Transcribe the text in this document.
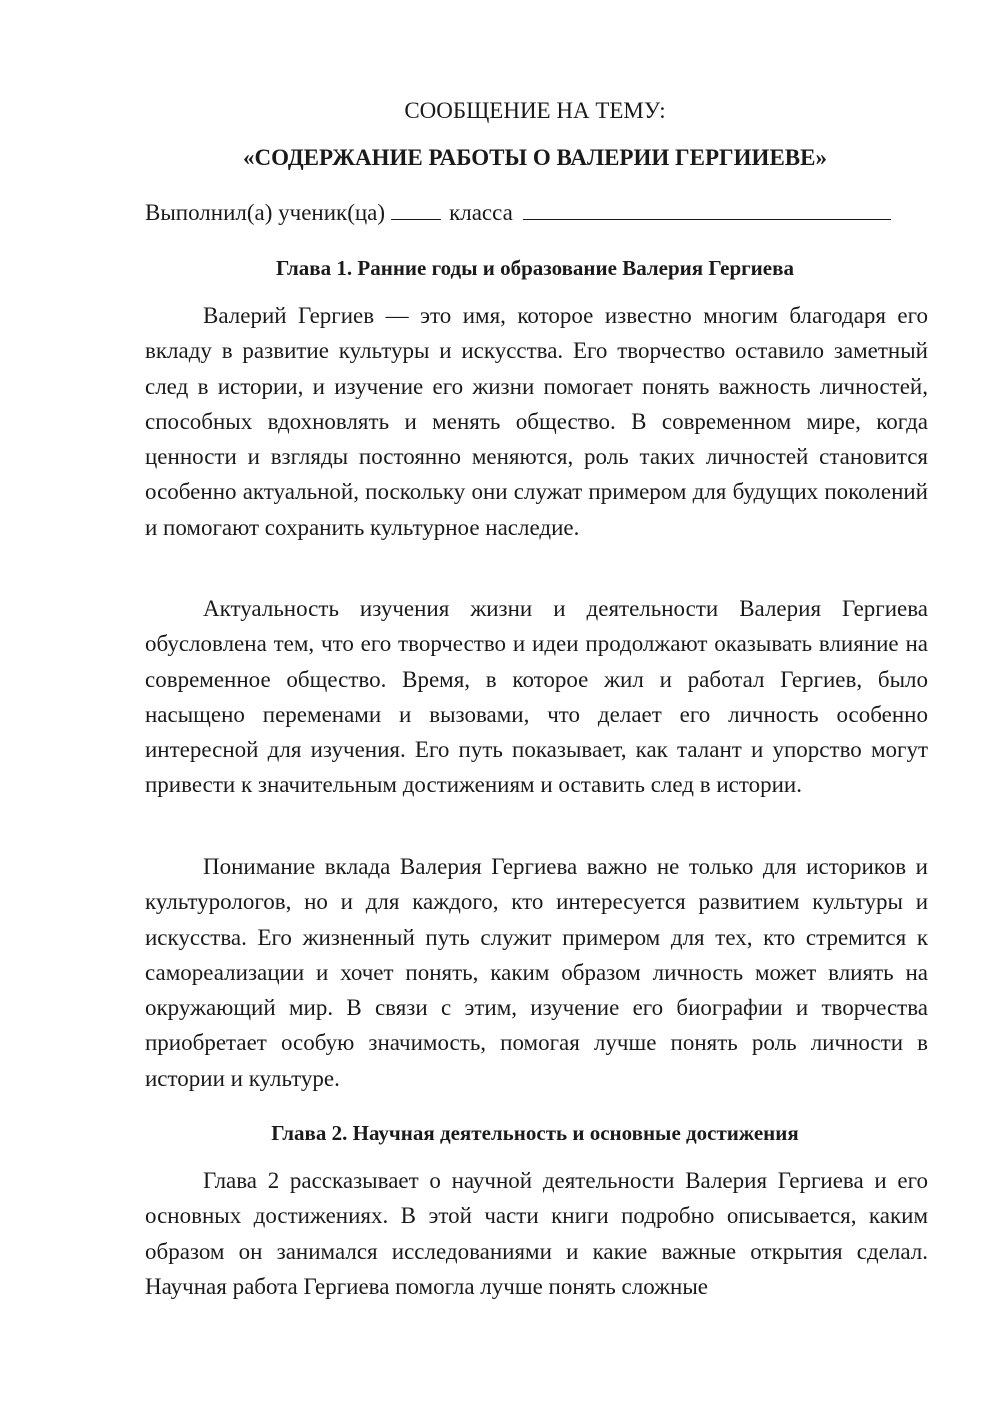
СООБЩЕНИЕ НА ТЕМУ:
«СОДЕРЖАНИЕ РАБОТЫ О ВАЛЕРИИ ГЕРГИИЕВЕ»
Выполнил(а) ученик(ца)	класса
Глава 1. Ранние годы и образование Валерия Гергиева

Валерий Гергиев — это имя, которое известно многим благодаря его вкладу в развитие культуры и искусства. Его творчество оставило заметный след в истории, и изучение его жизни помогает понять важность личностей, способных вдохновлять и менять общество. В современном мире, когда ценности и взгляды постоянно меняются, роль таких личностей становится особенно актуальной, поскольку они служат примером для будущих поколений и помогают сохранить культурное наследие.

Актуальность изучения жизни и деятельности Валерия Гергиева обусловлена тем, что его творчество и идеи продолжают оказывать влияние на современное общество. Время, в которое жил и работал Гергиев, было насыщено переменами и вызовами, что делает его личность особенно интересной для изучения. Его путь показывает, как талант и упорство могут привести к значительным достижениям и оставить след в истории.

Понимание вклада Валерия Гергиева важно не только для историков и культурологов, но и для каждого, кто интересуется развитием культуры и искусства. Его жизненный путь служит примером для тех, кто стремится к самореализации и хочет понять, каким образом личность может влиять на окружающий мир. В связи с этим, изучение его биографии и творчества приобретает особую значимость, помогая лучше понять роль личности в истории и культуре.

Глава 2. Научная деятельность и основные достижения

Глава 2 рассказывает о научной деятельности Валерия Гергиева и его основных достижениях. В этой части книги подробно описывается, каким образом он занимался исследованиями и какие важные открытия сделал. Научная работа Гергиева помогла лучше понять сложные
